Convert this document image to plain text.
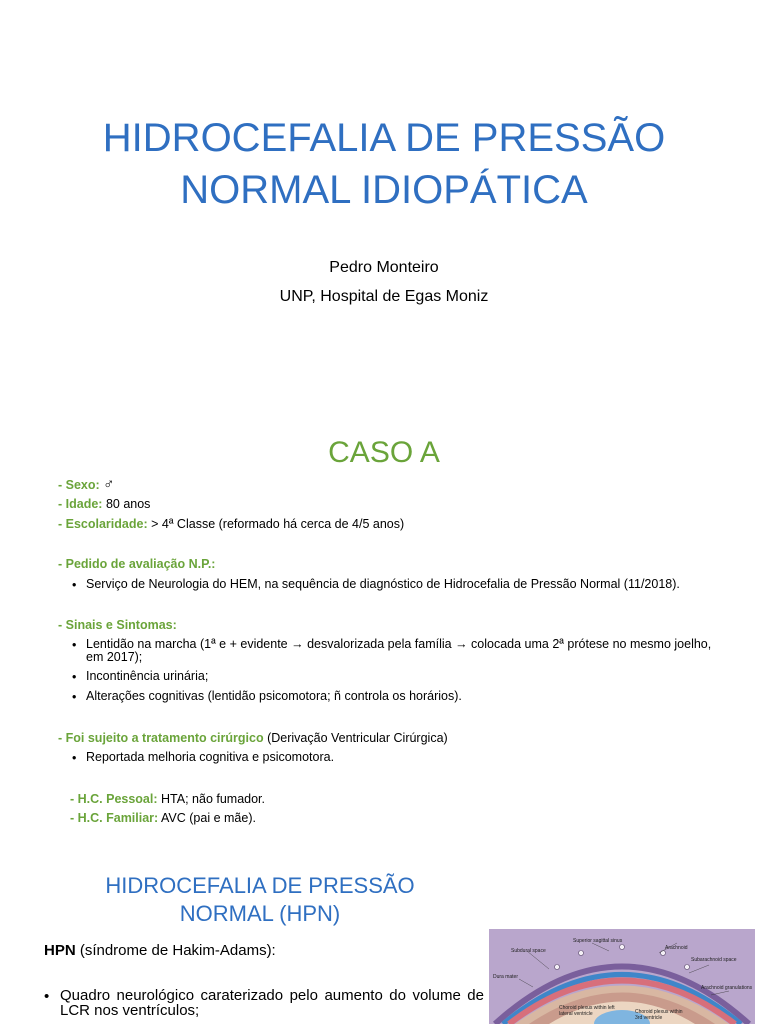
HIDROCEFALIA DE PRESSÃO
NORMAL IDIOPÁTICA
Pedro Monteiro
UNP, Hospital de Egas Moniz
CASO A
- Sexo: ♂
- Idade: 80 anos
- Escolaridade: > 4ª Classe (reformado há cerca de 4/5 anos)
- Pedido de avaliação N.P.:
• Serviço de Neurologia do HEM, na sequência de diagnóstico de Hidrocefalia de Pressão Normal (11/2018).
- Sinais e Sintomas:
• Lentidão na marcha (1ª e + evidente → desvalorizada pela família → colocada uma 2ª prótese no mesmo joelho, em 2017);
• Incontinência urinária;
• Alterações cognitivas (lentidão psicomotora; ñ controla os horários).
- Foi sujeito a tratamento cirúrgico (Derivação Ventricular Cirúrgica)
• Reportada melhoria cognitiva e psicomotora.
- H.C. Pessoal: HTA; não fumador.
- H.C. Familiar: AVC (pai e mãe).
HIDROCEFALIA DE PRESSÃO
NORMAL (HPN)
HPN (síndrome de Hakim-Adams):
• Quadro neurológico caraterizado pelo aumento do volume de LCR nos ventrículos;
Superior sagittal sinus
Arachnoid
Subdural space
Subarachnoid space
Dura mater
Arachnoid granulations
Choroid plexus within left lateral ventricle	Choroid plexus within 3rd ventricle
